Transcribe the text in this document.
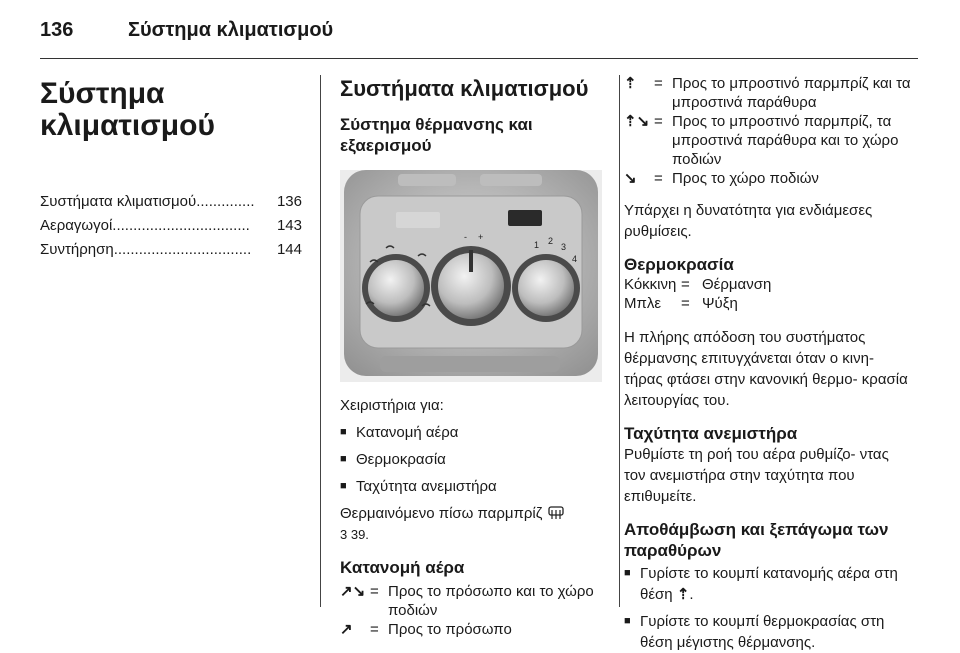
136	Σύστημα κλιματισμού
Σύστημα
κλιματισμού
Συστήματα κλιματισμού ..............	136
Αεραγωγοί .................................	143
Συντήρηση .................................	144
Συστήματα κλιματισμού
Σύστημα θέρμανσης και
εξαερισμού
- +
1 2
3
4

Χειριστήρια για:

■ Κατανομή αέρα
■ Θερμοκρασία
■ Ταχύτητα ανεμιστήρα

Θερμαινόμενο πίσω παρμπρίζ

3 39.

Κατανομή αέρα
↗↘ = Προς το πρόσωπο και το χώρο ποδιών
↗	= Προς το πρόσωπο
⇡	= Προς το μπροστινό παρμπρίζ και τα μπροστινά παράθυρα
⇡↘ = Προς το μπροστινό παρμπρίζ, τα μπροστινά παράθυρα και το χώρο ποδιών
↘	= Προς το χώρο ποδιών

Υπάρχει η δυνατότητα για ενδιάμεσες ρυθμίσεις.

Θερμοκρασία
Κόκκινη = Θέρμανση
Μπλε	= Ψύξη

Η πλήρης απόδοση του συστήματος θέρμανσης επιτυγχάνεται όταν ο κινη‐ τήρας φτάσει στην κανονική θερμο‐ κρασία λειτουργίας του.

Ταχύτητα ανεμιστήρα

Ρυθμίστε τη ροή του αέρα ρυθμίζο‐ ντας τον ανεμιστήρα στην ταχύτητα που επιθυμείτε.

Αποθάμβωση και ξεπάγωμα των
παραθύρων
■ Γυρίστε το κουμπί κατανομής αέρα στη θέση ⇡.
■ Γυρίστε το κουμπί θερμοκρασίας στη θέση μέγιστης θέρμανσης.
